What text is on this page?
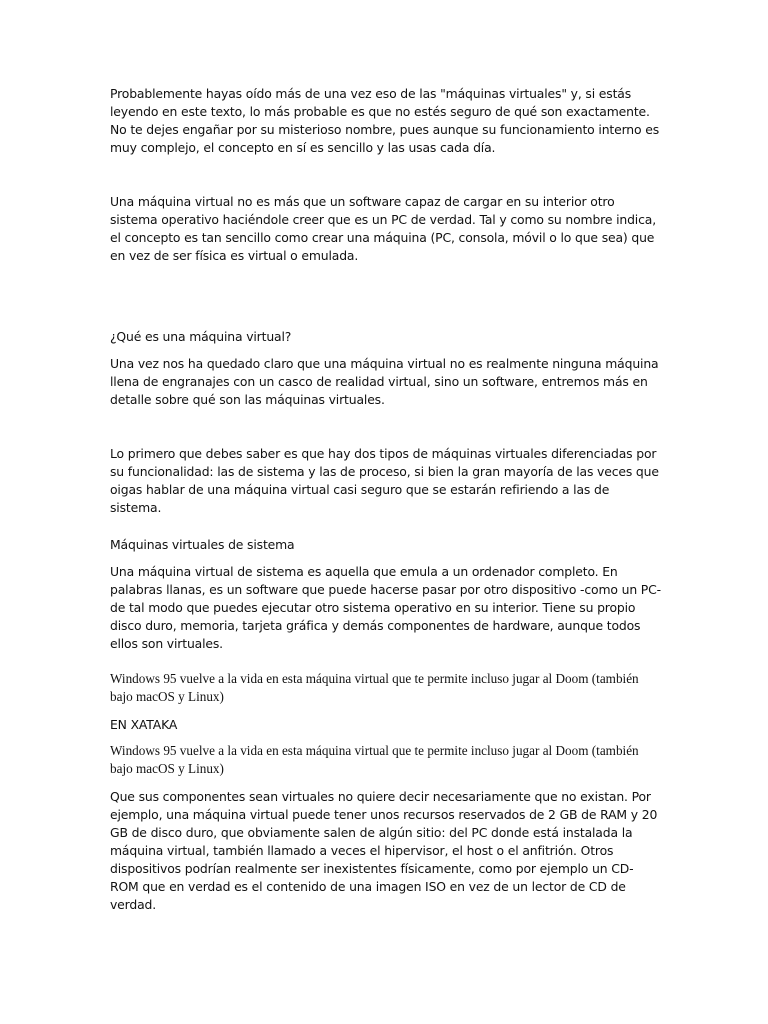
Probablemente hayas oído más de una vez eso de las "máquinas virtuales" y, si estás leyendo en este texto, lo más probable es que no estés seguro de qué son exactamente. No te dejes engañar por su misterioso nombre, pues aunque su funcionamiento interno es muy complejo, el concepto en sí es sencillo y las usas cada día.

Una máquina virtual no es más que un software capaz de cargar en su interior otro sistema operativo haciéndole creer que es un PC de verdad. Tal y como su nombre indica, el concepto es tan sencillo como crear una máquina (PC, consola, móvil o lo que sea) que en vez de ser física es virtual o emulada.

¿Qué es una máquina virtual?

Una vez nos ha quedado claro que una máquina virtual no es realmente ninguna máquina llena de engranajes con un casco de realidad virtual, sino un software, entremos más en detalle sobre qué son las máquinas virtuales.

Lo primero que debes saber es que hay dos tipos de máquinas virtuales diferenciadas por su funcionalidad: las de sistema y las de proceso, si bien la gran mayoría de las veces que oigas hablar de una máquina virtual casi seguro que se estarán refiriendo a las de sistema.

Máquinas virtuales de sistema

Una máquina virtual de sistema es aquella que emula a un ordenador completo. En palabras llanas, es un software que puede hacerse pasar por otro dispositivo -como un PC- de tal modo que puedes ejecutar otro sistema operativo en su interior. Tiene su propio disco duro, memoria, tarjeta gráfica y demás componentes de hardware, aunque todos ellos son virtuales.

Windows 95 vuelve a la vida en esta máquina virtual que te permite incluso jugar al Doom (también bajo macOS y Linux)

EN XATAKA

Windows 95 vuelve a la vida en esta máquina virtual que te permite incluso jugar al Doom (también bajo macOS y Linux)

Que sus componentes sean virtuales no quiere decir necesariamente que no existan. Por ejemplo, una máquina virtual puede tener unos recursos reservados de 2 GB de RAM y 20 GB de disco duro, que obviamente salen de algún sitio: del PC donde está instalada la máquina virtual, también llamado a veces el hipervisor, el host o el anfitrión. Otros dispositivos podrían realmente ser inexistentes físicamente, como por ejemplo un CD-ROM que en verdad es el contenido de una imagen ISO en vez de un lector de CD de verdad.
